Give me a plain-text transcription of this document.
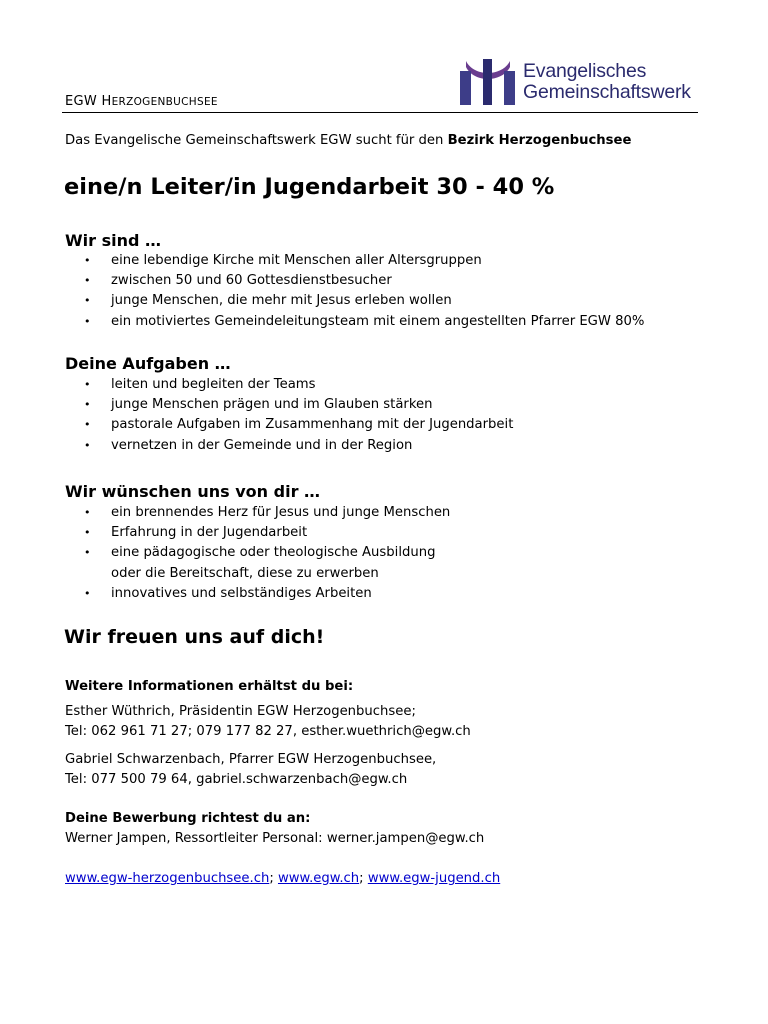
EGW HERZOGENBUCHSEE
Evangelisches
Gemeinschaftswerk
Das Evangelische Gemeinschaftswerk EGW sucht für den Bezirk Herzogenbuchsee
eine/n Leiter/in Jugendarbeit 30 - 40 %
Wir sind …
• eine lebendige Kirche mit Menschen aller Altersgruppen
• zwischen 50 und 60 Gottesdienstbesucher
• junge Menschen, die mehr mit Jesus erleben wollen
• ein motiviertes Gemeindeleitungsteam mit einem angestellten Pfarrer EGW 80%
Deine Aufgaben …
• leiten und begleiten der Teams
• junge Menschen prägen und im Glauben stärken
• pastorale Aufgaben im Zusammenhang mit der Jugendarbeit
• vernetzen in der Gemeinde und in der Region
Wir wünschen uns von dir …
• ein brennendes Herz für Jesus und junge Menschen
• Erfahrung in der Jugendarbeit
• eine pädagogische oder theologische Ausbildung
oder die Bereitschaft, diese zu erwerben
• innovatives und selbständiges Arbeiten
Wir freuen uns auf dich!
Weitere Informationen erhältst du bei:
Esther Wüthrich, Präsidentin EGW Herzogenbuchsee;
Tel: 062 961 71 27; 079 177 82 27, esther.wuethrich@egw.ch
Gabriel Schwarzenbach, Pfarrer EGW Herzogenbuchsee,
Tel: 077 500 79 64, gabriel.schwarzenbach@egw.ch
Deine Bewerbung richtest du an:
Werner Jampen, Ressortleiter Personal: werner.jampen@egw.ch
www.egw-herzogenbuchsee.ch; www.egw.ch; www.egw-jugend.ch
